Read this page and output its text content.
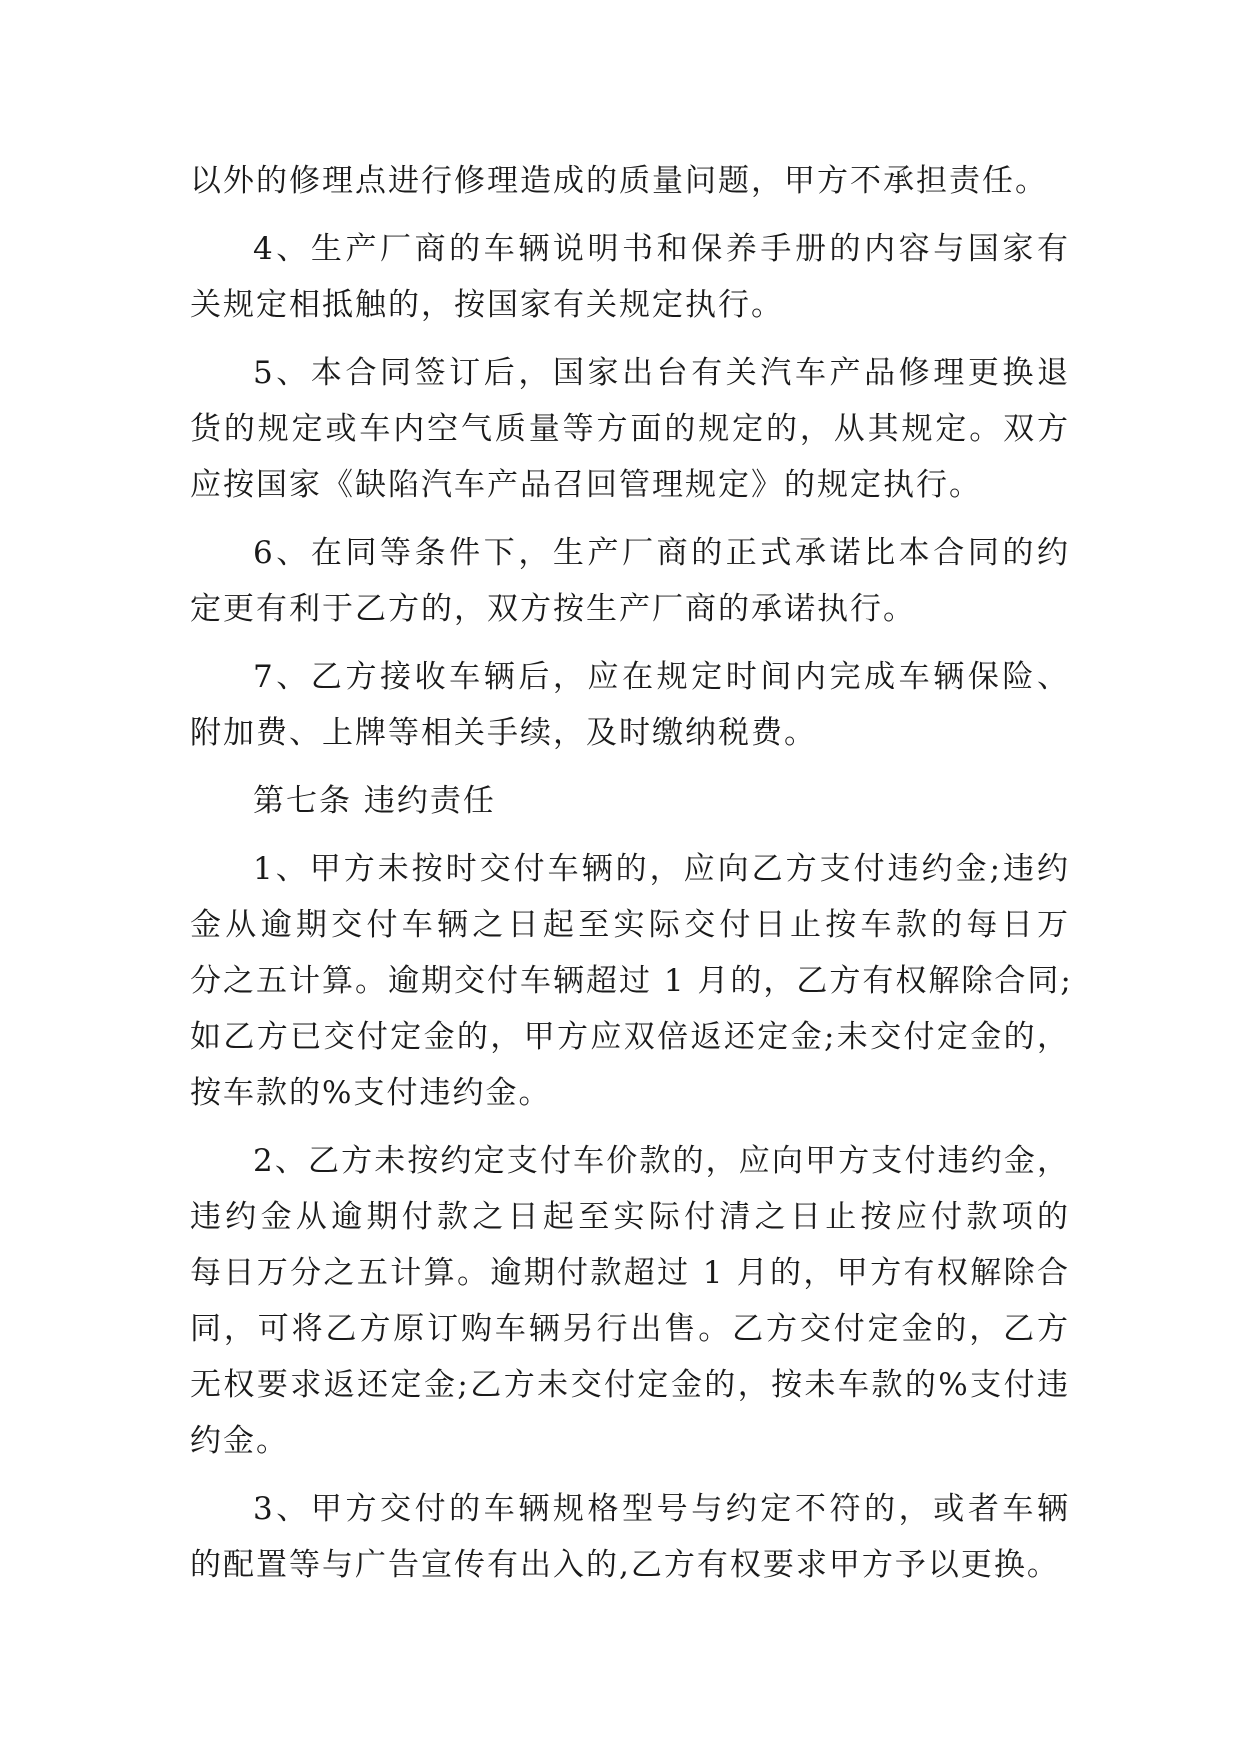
以外的修理点进行修理造成的质量问题，甲方不承担责任。
4、生产厂商的车辆说明书和保养手册的内容与国家有
关规定相抵触的，按国家有关规定执行。
5、本合同签订后，国家出台有关汽车产品修理更换退
货的规定或车内空气质量等方面的规定的，从其规定。双方
应按国家《缺陷汽车产品召回管理规定》的规定执行。
6、在同等条件下，生产厂商的正式承诺比本合同的约
定更有利于乙方的，双方按生产厂商的承诺执行。
7、乙方接收车辆后，应在规定时间内完成车辆保险、
附加费、上牌等相关手续，及时缴纳税费。
第七条 违约责任
1、甲方未按时交付车辆的，应向乙方支付违约金;违约
金从逾期交付车辆之日起至实际交付日止按车款的每日万
分之五计算。逾期交付车辆超过 1 月的，乙方有权解除合同;
如乙方已交付定金的，甲方应双倍返还定金;未交付定金的，
按车款的%支付违约金。
2、乙方未按约定支付车价款的，应向甲方支付违约金，
违约金从逾期付款之日起至实际付清之日止按应付款项的
每日万分之五计算。逾期付款超过 1 月的，甲方有权解除合
同，可将乙方原订购车辆另行出售。乙方交付定金的，乙方
无权要求返还定金;乙方未交付定金的，按未车款的%支付违
约金。
3、甲方交付的车辆规格型号与约定不符的，或者车辆
的配置等与广告宣传有出入的,乙方有权要求甲方予以更换。
